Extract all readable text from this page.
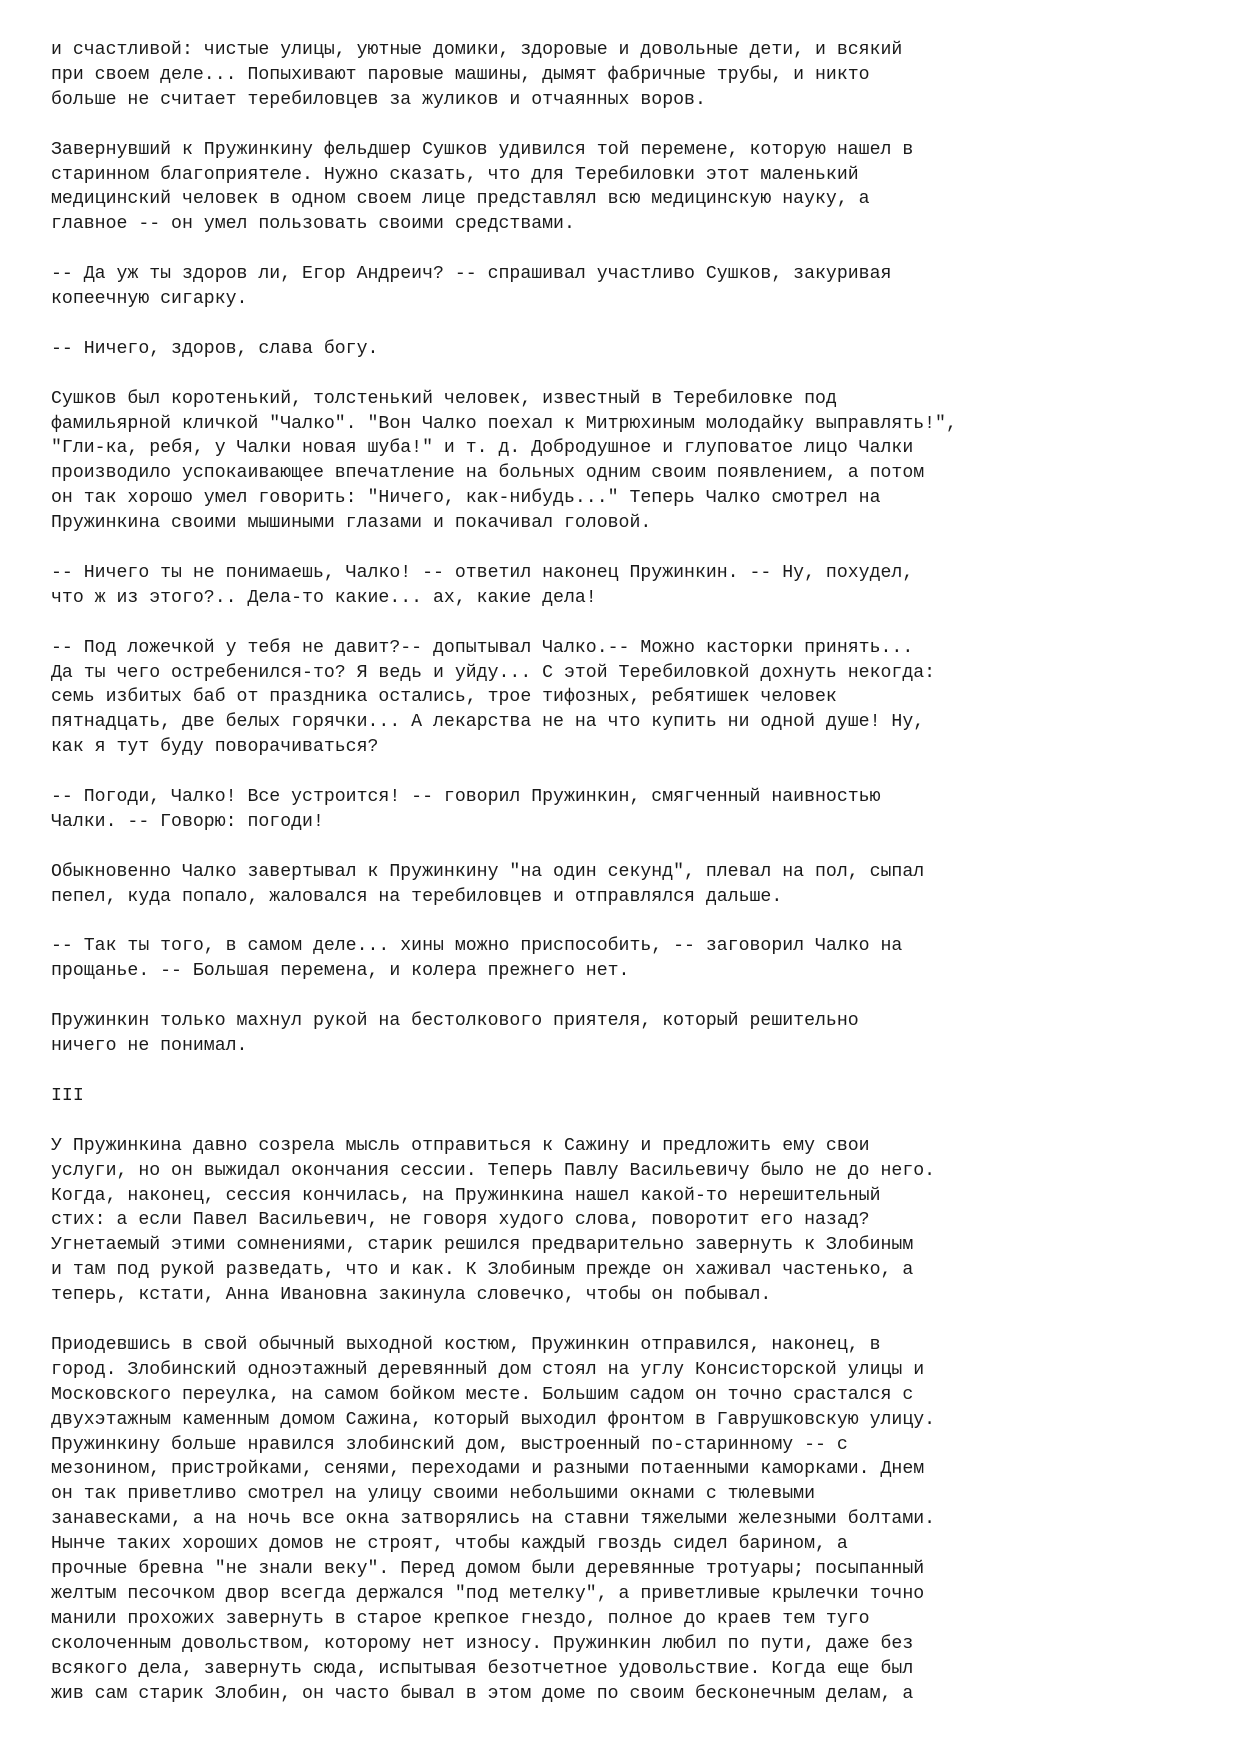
и счастливой: чистые улицы, уютные домики, здоровые и довольные дети, и всякий
при своем деле... Попыхивают паровые машины, дымят фабричные трубы, и никто
больше не считает теребиловцев за жуликов и отчаянных воров.

Завернувший к Пружинкину фельдшер Сушков удивился той перемене, которую нашел в
старинном благоприятеле. Нужно сказать, что для Теребиловки этот маленький
медицинский человек в одном своем лице представлял всю медицинскую науку, а
главное -- он умел пользовать своими средствами.

-- Да уж ты здоров ли, Егор Андреич? -- спрашивал участливо Сушков, закуривая
копеечную сигарку.

-- Ничего, здоров, слава богу.

Сушков был коротенький, толстенький человек, известный в Теребиловке под
фамильярной кличкой "Чалко". "Вон Чалко поехал к Митрюхиным молодайку выправлять!",
"Гли-ка, ребя, у Чалки новая шуба!" и т. д. Добродушное и глуповатое лицо Чалки
производило успокаивающее впечатление на больных одним своим появлением, а потом
он так хорошо умел говорить: "Ничего, как-нибудь..." Теперь Чалко смотрел на
Пружинкина своими мышиными глазами и покачивал головой.

-- Ничего ты не понимаешь, Чалко! -- ответил наконец Пружинкин. -- Ну, похудел,
что ж из этого?.. Дела-то какие... ах, какие дела!

-- Под ложечкой у тебя не давит?-- допытывал Чалко.-- Можно касторки принять...
Да ты чего остребенился-то? Я ведь и уйду... С этой Теребиловкой дохнуть некогда:
семь избитых баб от праздника остались, трое тифозных, ребятишек человек
пятнадцать, две белых горячки... А лекарства не на что купить ни одной душе! Ну,
как я тут буду поворачиваться?

-- Погоди, Чалко! Все устроится! -- говорил Пружинкин, смягченный наивностью
Чалки. -- Говорю: погоди!

Обыкновенно Чалко завертывал к Пружинкину "на один секунд", плевал на пол, сыпал
пепел, куда попало, жаловался на теребиловцев и отправлялся дальше.

-- Так ты того, в самом деле... хины можно приспособить, -- заговорил Чалко на
прощанье. -- Большая перемена, и колера прежнего нет.

Пружинкин только махнул рукой на бестолкового приятеля, который решительно
ничего не понимал.

III

У Пружинкина давно созрела мысль отправиться к Сажину и предложить ему свои
услуги, но он выжидал окончания сессии. Теперь Павлу Васильевичу было не до него.
Когда, наконец, сессия кончилась, на Пружинкина нашел какой-то нерешительный
стих: а если Павел Васильевич, не говоря худого слова, поворотит его назад?
Угнетаемый этими сомнениями, старик решился предварительно завернуть к Злобиным
и там под рукой разведать, что и как. К Злобиным прежде он хаживал частенько, а
теперь, кстати, Анна Ивановна закинула словечко, чтобы он побывал.

Приодевшись в свой обычный выходной костюм, Пружинкин отправился, наконец, в
город. Злобинский одноэтажный деревянный дом стоял на углу Консисторской улицы и
Московского переулка, на самом бойком месте. Большим садом он точно срастался с
двухэтажным каменным домом Сажина, который выходил фронтом в Гаврушковскую улицу.
Пружинкину больше нравился злобинский дом, выстроенный по-старинному -- с
мезонином, пристройками, сенями, переходами и разными потаенными каморками. Днем
он так приветливо смотрел на улицу своими небольшими окнами с тюлевыми
занавесками, а на ночь все окна затворялись на ставни тяжелыми железными болтами.
Нынче таких хороших домов не строят, чтобы каждый гвоздь сидел барином, а
прочные бревна "не знали веку". Перед домом были деревянные тротуары; посыпанный
желтым песочком двор всегда держался "под метелку", а приветливые крылечки точно
манили прохожих завернуть в старое крепкое гнездо, полное до краев тем туго
сколоченным довольством, которому нет износу. Пружинкин любил по пути, даже без
всякого дела, завернуть сюда, испытывая безотчетное удовольствие. Когда еще был
жив сам старик Злобин, он часто бывал в этом доме по своим бесконечным делам, а
